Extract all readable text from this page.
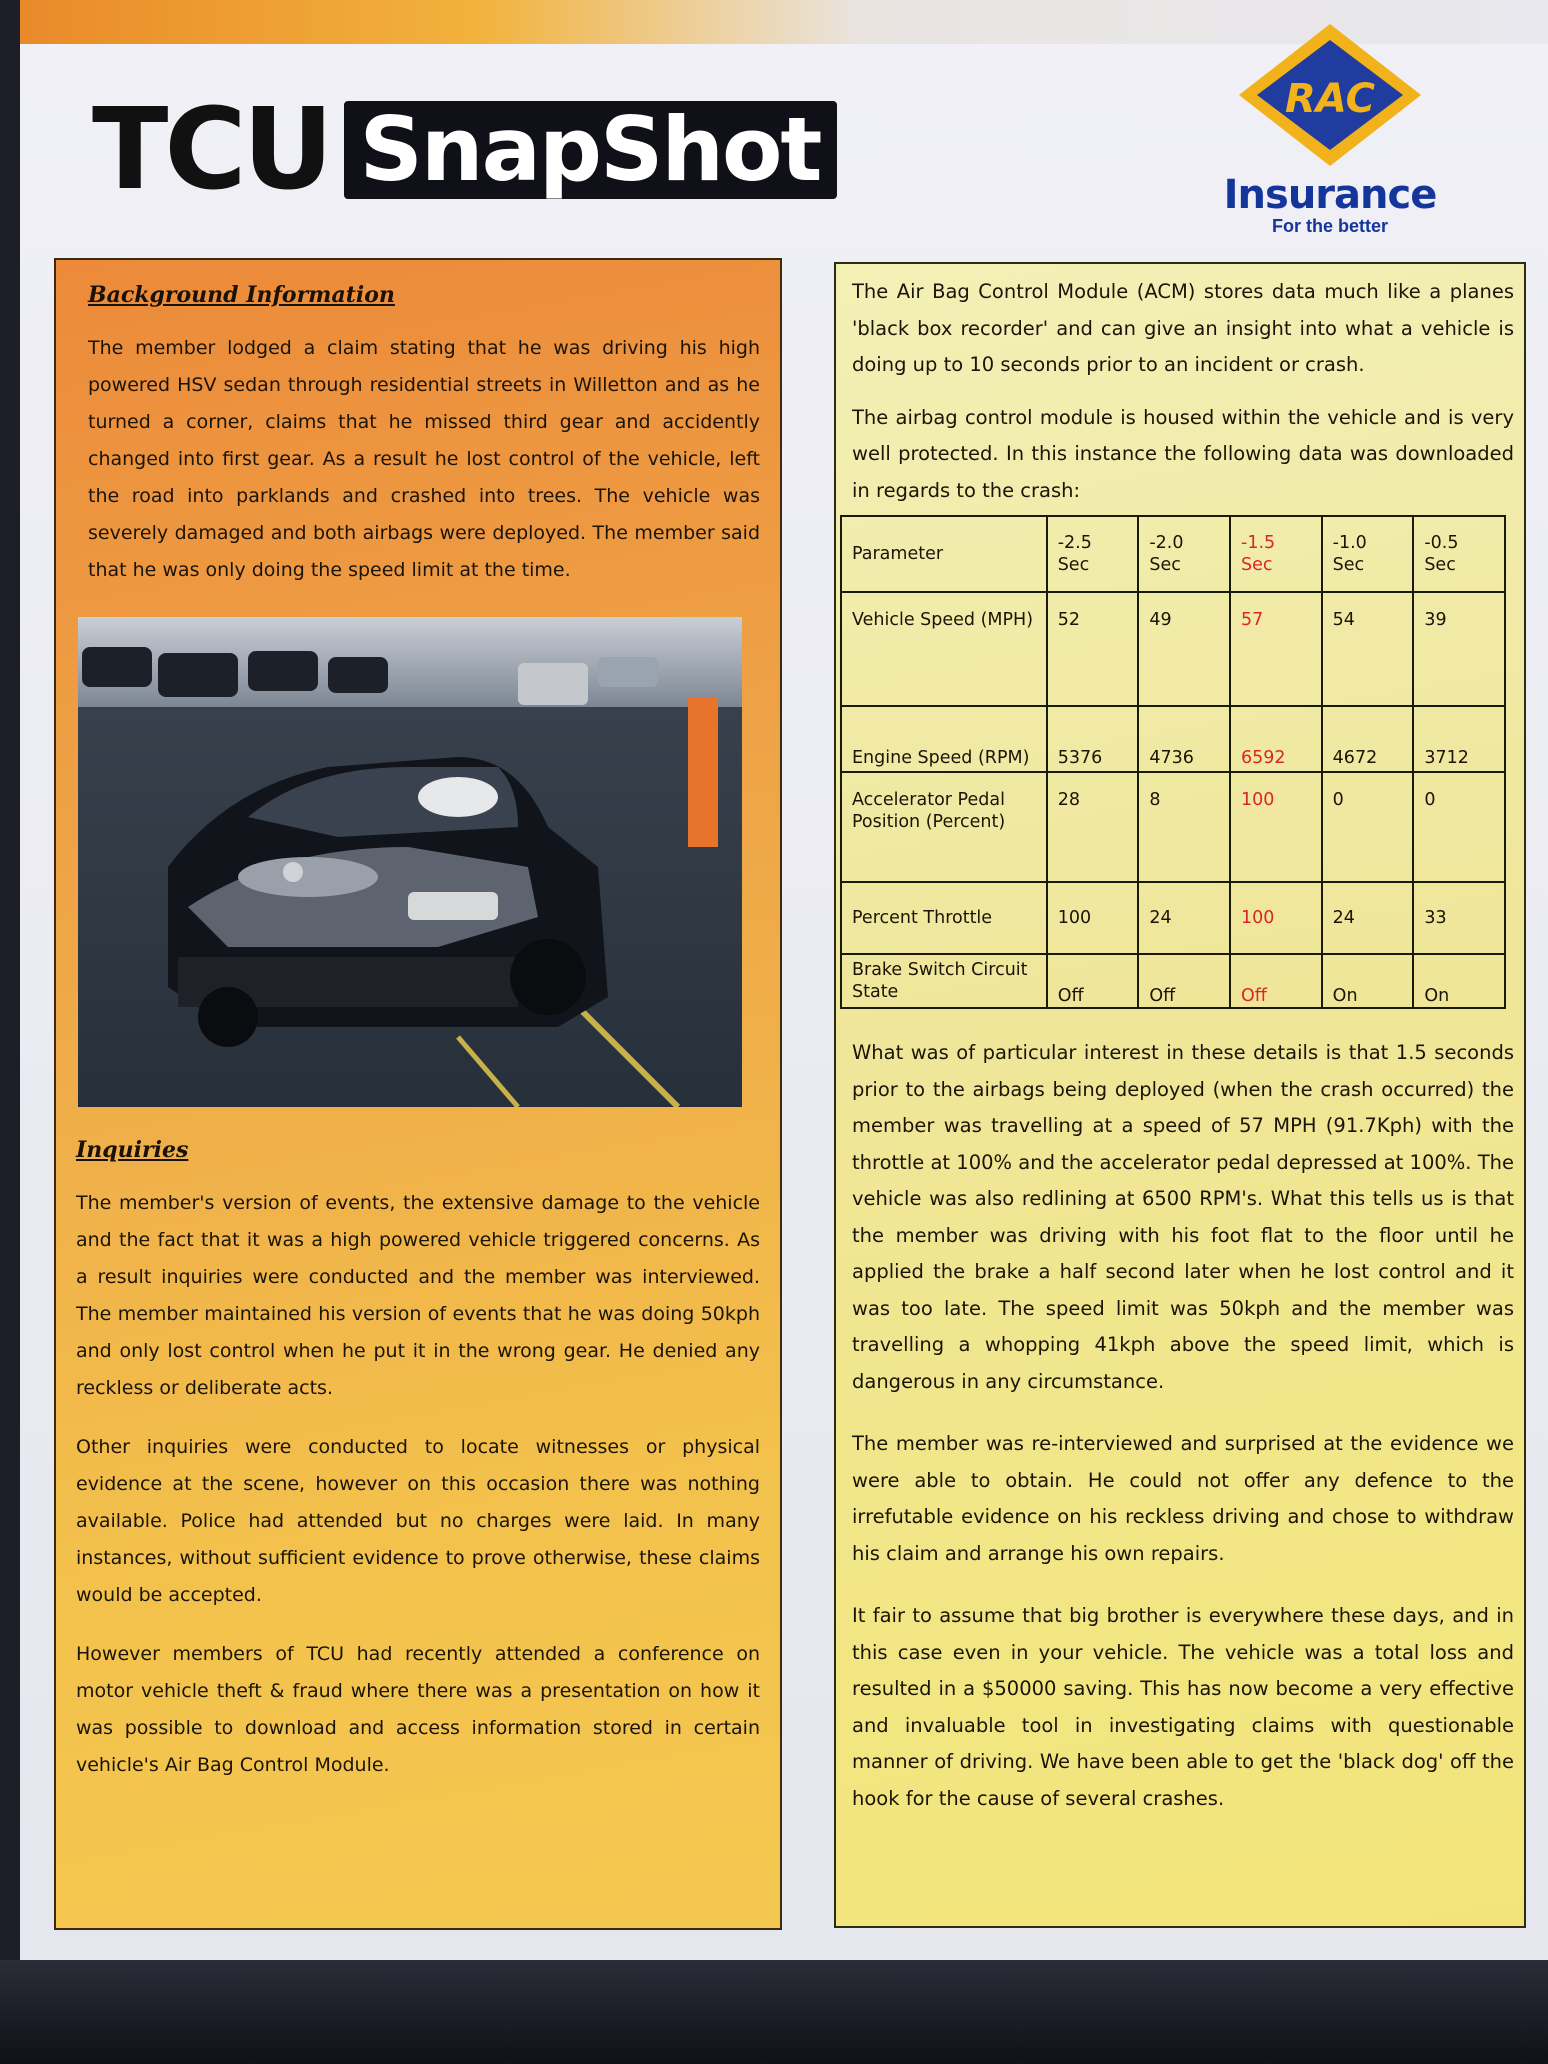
TCU SnapShot	RAC
Insurance
For the better
Background Information

The member lodged a claim stating that he was driving his high powered HSV sedan through residential streets in Willetton and as he turned a corner, claims that he missed third gear and accidently changed into first gear. As a result he lost control of the vehicle, left the road into parklands and crashed into trees. The vehicle was severely damaged and both airbags were deployed. The member said that he was only doing the speed limit at the time.

Inquiries

The member's version of events, the extensive damage to the vehicle and the fact that it was a high powered vehicle triggered concerns. As a result inquiries were conducted and the member was interviewed. The member maintained his version of events that he was doing 50kph and only lost control when he put it in the wrong gear. He denied any reckless or deliberate acts.

Other inquiries were conducted to locate witnesses or physical evidence at the scene, however on this occasion there was nothing available. Police had attended but no charges were laid. In many instances, without sufficient evidence to prove otherwise, these claims would be accepted.

However members of TCU had recently attended a conference on motor vehicle theft & fraud where there was a presentation on how it was possible to download and access information stored in certain vehicle's Air Bag Control Module.

The Air Bag Control Module (ACM) stores data much like a planes 'black box recorder' and can give an insight into what a vehicle is doing up to 10 seconds prior to an incident or crash.

The airbag control module is housed within the vehicle and is very well protected. In this instance the following data was downloaded in regards to the crash:

Parameter	-2.5 Sec	-2.0 Sec	-1.5 Sec	-1.0 Sec	-0.5 Sec
Vehicle Speed (MPH)	52	49	57	54	39
Engine Speed (RPM)	5376	4736	6592	4672	3712
Accelerator Pedal Position (Percent)	28	8	100	0	0
Percent Throttle	100	24	100	24	33
Brake Switch Circuit State	Off	Off	Off	On	On

What was of particular interest in these details is that 1.5 seconds prior to the airbags being deployed (when the crash occurred) the member was travelling at a speed of 57 MPH (91.7Kph) with the throttle at 100% and the accelerator pedal depressed at 100%. The vehicle was also redlining at 6500 RPM's. What this tells us is that the member was driving with his foot flat to the floor until he applied the brake a half second later when he lost control and it was too late. The speed limit was 50kph and the member was travelling a whopping 41kph above the speed limit, which is dangerous in any circumstance.

The member was re-interviewed and surprised at the evidence we were able to obtain. He could not offer any defence to the irrefutable evidence on his reckless driving and chose to withdraw his claim and arrange his own repairs.

It fair to assume that big brother is everywhere these days, and in this case even in your vehicle. The vehicle was a total loss and resulted in a $50000 saving. This has now become a very effective and invaluable tool in investigating claims with questionable manner of driving. We have been able to get the 'black dog' off the hook for the cause of several crashes.
